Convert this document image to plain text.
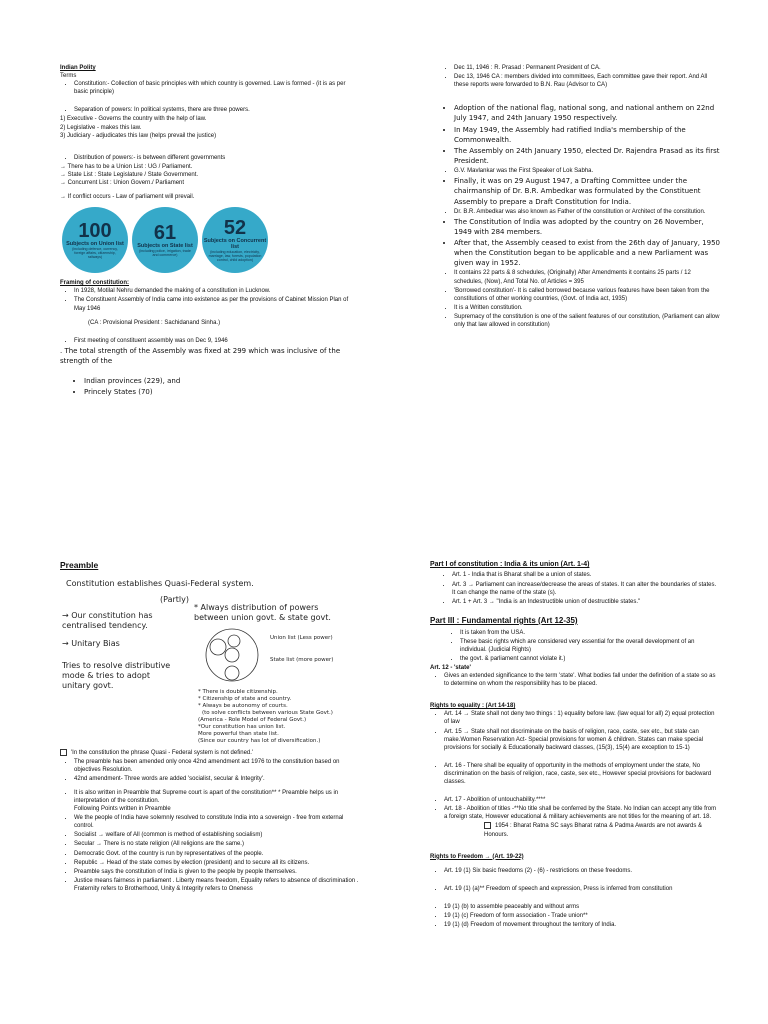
Indian Polity
Terms
• Constitution:- Collection of basic principles with which country is governed. Law is formed - (it is as per basic principle)
• Separation of powers: In political systems, there are three powers.
1) Executive - Governs the country with the help of law.
2) Legislative - makes this law.
3) Judiciary - adjudicates this law (helps prevail the justice)
• Distribution of powers:- is between different governments
→ There has to be a Union List : UG / Parliament.
→ State List : State Legislature / State Government.
→ Concurrent List : Union Govern./ Parliament
→ If conflict occurs - Law of parliament will prevail.
100
Subjects on Union list
(including defence, currency, foreign affairs, citizenship, railways)
61
Subjects on State list
(including police, irrigation, trade and commerce)
52
Subjects on Concurrent list
(including education, electricity, marriage, law, forests, population control, child adoption)
Framing of constitution:
• In 1928, Motilal Nehru demanded the making of a constitution in Lucknow.
• The Constituent Assembly of India came into existence as per the provisions of Cabinet Mission Plan of May 1946
(CA : Provisional President : Sachidanand Sinha.)
• First meeting of constituent assembly was on Dec 9, 1946
. The total strength of the Assembly was fixed at 299 which was inclusive of the strength of the
• Indian provinces (229), and
• Princely States (70)
• Dec 11, 1946 : R. Prasad : Permanent President of CA.
• Dec 13, 1946 CA : members divided into committees, Each committee gave their report. And All these reports were forwarded to B.N. Rau (Advisor to CA)
• Adoption of the national flag, national song, and national anthem on 22nd July 1947, and 24th January 1950 respectively.
• In May 1949, the Assembly had ratified India's membership of the Commonwealth.
• The Assembly on 24th January 1950, elected Dr. Rajendra Prasad as its first President.
• G.V. Mavlankar was the First Speaker of Lok Sabha.
• Finally, it was on 29 August 1947, a Drafting Committee under the chairmanship of Dr. B.R. Ambedkar was formulated by the Constituent Assembly to prepare a Draft Constitution for India.
• Dr. B.R. Ambedkar was also known as Father of the constitution or Architect of the constitution.
• The Constitution of India was adopted by the country on 26 November, 1949 with 284 members.
• After that, the Assembly ceased to exist from the 26th day of January, 1950 when the Constitution began to be applicable and a new Parliament was given way in 1952.
• It contains 22 parts & 8 schedules, (Originally) After Amendments it contains 25 parts / 12 schedules, (Now), And Total No. of Articles = 395
• 'Borrowed constitution'- It is called borrowed because various features have been taken from the constitutions of other working countries, (Govt. of India act, 1935)
• It is a Written constitution.
• Supremacy of the constitution is one of the salient features of our constitution, (Parliament can allow only that law allowed in constitution)
Preamble
Constitution establishes Quasi-Federal system.
(Partly)
→ Our constitution has centralised tendency.
→ Unitary Bias
Tries to resolve distributive mode & tries to adopt unitary govt.
* Always distribution of powers between union govt. & state govt.
Union list (Less power)
State list (more power)
* There is double citizenship.
* Citizenship of state and country.
* Always be autonomy of courts.
(to solve conflicts between various State Govt.)
(America - Role Model of Federal Govt.)
*Our constitution has union list.
More powerful than state list.
(Since our country has lot of diversification.)
'In the constitution the phrase Quasi - Federal system is not defined.'
• The preamble has been amended only once 42nd amendment act 1976 to the constitution based on objectives Resolution.
• 42nd amendment- Three words are added 'socialist, secular & Integrity'.
• It is also written in Preamble that Supreme court is apart of the constitution** * Preamble helps us in interpretation of the constitution.
Following Points written in Preamble
• We the people of India have solemnly resolved to constitute India into a sovereign - free from external control.
• Socialist → welfare of All (common is method of establishing socialism)
• Secular → There is no state religion (All religions are the same.)
• Democratic Govt. of the country is run by representatives of the people.
• Republic → Head of the state comes by election (president) and to secure all its citizens.
• Preamble says the constitution of India is given to the people by people themselves.
• Justice means fairness in parliament . Liberty means freedom, Equality refers to absence of discrimination . Fraternity refers to Brotherhood, Unity & Integrity refers to Oneness
Part I of constitution : India & its union (Art. 1-4)
• Art. 1 - India that is Bharat shall be a union of states.
• Art. 3 → Parliament can increase/decrease the areas of states. It can alter the boundaries of states. It can change the name of the state (s).
• Art. 1 + Art. 3 → "India is an Indestructible union of destructible states."
Part III : Fundamental rights (Art 12-35)
• It is taken from the USA.
• These basic rights which are considered very essential for the overall development of an individual. (Judicial Rights)
• the govt. & parliament cannot violate it.)
Art. 12 - 'state'
• Gives an extended significance to the term 'state'. What bodies fall under the definition of a state so as to determine on whom the responsibility has to be placed.
Rights to equality : (Art 14-18)
• Art. 14 → State shall not deny two things : 1) equality before law. (law equal for all) 2) equal protection of law
• Art. 15 → State shall not discriminate on the basis of religion, race, caste, sex etc., but state can make.Women Reservation Act- Special provisions for women & children. States can make special provisions for socially & Educationally backward classes, (15(3), 15(4) are exception to 15-1)
• Art. 16 - There shall be equality of opportunity in the methods of employment under the state, No discrimination on the basis of religion, race, caste, sex etc., However special provisions for backward classes.
• Art. 17 - Abolition of untouchability.****
• Art. 18 - Abolition of titles -**No title shall be conferred by the State. No Indian can accept any title from a foreign state, However educational & military achievements are not titles for the meaning of art. 18.
1954 : Bharat Ratna SC says Bharat ratna & Padma Awards are not awards & Honours.
Rights to Freedom → (Art. 19-22)
• Art. 19 (1) Six basic freedoms (2) - (6) - restrictions on these freedoms.
• Art. 19 (1) (a)** Freedom of speech and expression, Press is inferred from constitution
• 19 (1) (b) to assemble peaceably and without arms
• 19 (1) (c) Freedom of form association - Trade union**
• 19 (1) (d) Freedom of movement throughout the territory of India.
